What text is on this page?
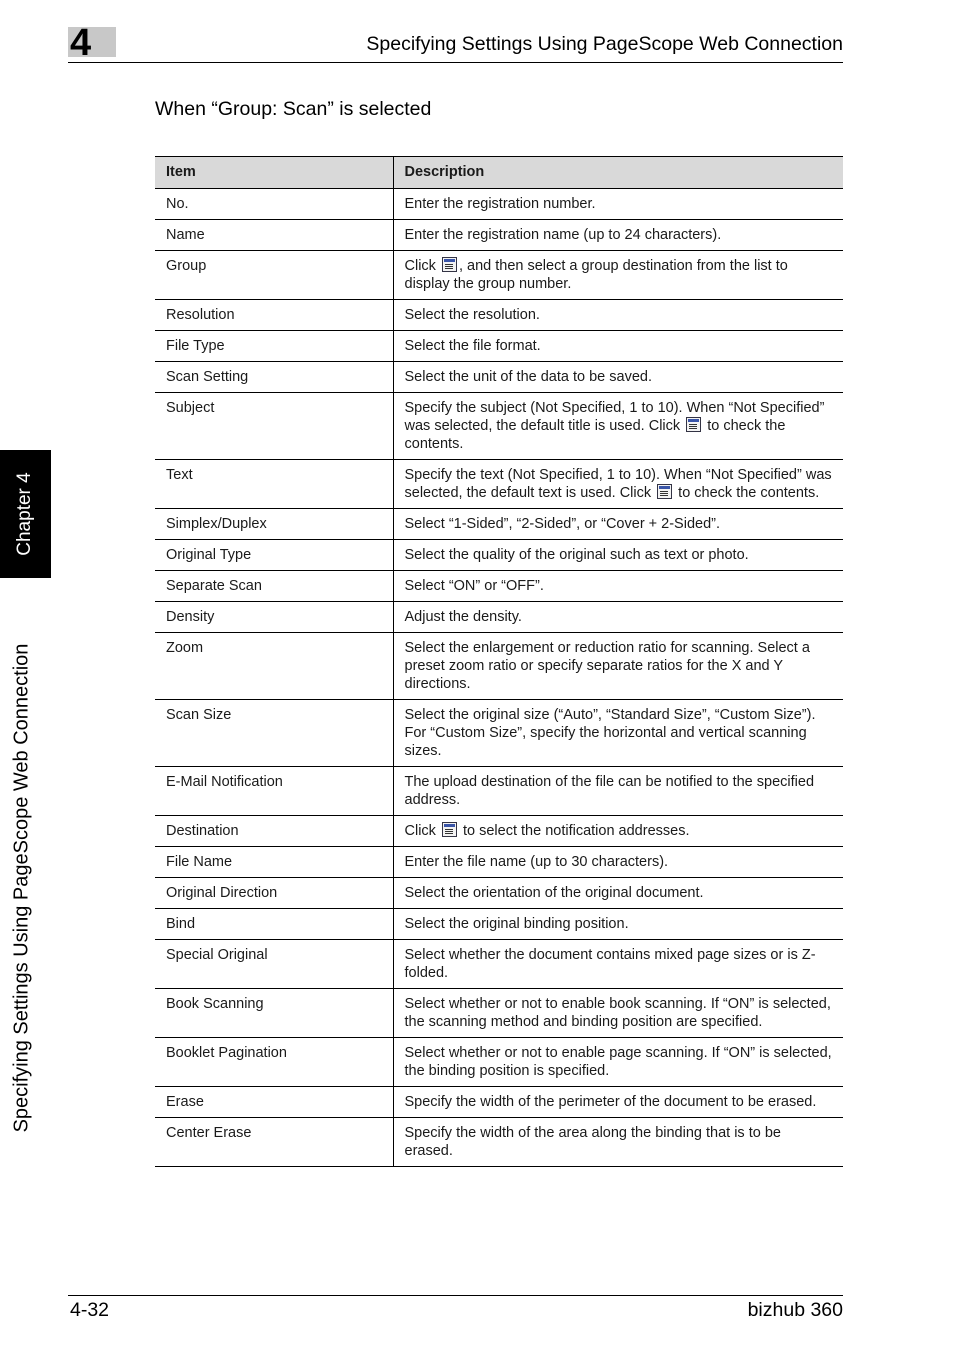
4	Specifying Settings Using PageScope Web Connection
Chapter 4
Specifying Settings Using PageScope Web Connection
When “Group: Scan” is selected
Item	Description
No.	Enter the registration number.
Name	Enter the registration name (up to 24 characters).
Group	Click , and then select a group destination from the list to display the group number.
Resolution	Select the resolution.
File Type	Select the file format.
Scan Setting	Select the unit of the data to be saved.
Subject	Specify the subject (Not Specified, 1 to 10). When “Not Specified” was selected, the default title is used. Click  to check the contents.
Text	Specify the text (Not Specified, 1 to 10). When “Not Specified” was selected, the default text is used. Click  to check the contents.
Simplex/Duplex	Select “1-Sided”, “2-Sided”, or “Cover + 2-Sided”.
Original Type	Select the quality of the original such as text or photo.
Separate Scan	Select “ON” or “OFF”.
Density	Adjust the density.
Zoom	Select the enlargement or reduction ratio for scanning. Select a preset zoom ratio or specify separate ratios for the X and Y directions.
Scan Size	Select the original size (“Auto”, “Standard Size”, “Custom Size”).
For “Custom Size”, specify the horizontal and vertical scanning sizes.
E-Mail Notification	The upload destination of the file can be notified to the specified address.
Destination	Click  to select the notification addresses.
File Name	Enter the file name (up to 30 characters).
Original Direction	Select the orientation of the original document.
Bind	Select the original binding position.
Special Original	Select whether the document contains mixed page sizes or is Z-folded.
Book Scanning	Select whether or not to enable book scanning. If “ON” is selected, the scanning method and binding position are specified.
Booklet Pagination	Select whether or not to enable page scanning. If “ON” is selected, the binding position is specified.
Erase	Specify the width of the perimeter of the document to be erased.
Center Erase	Specify the width of the area along the binding that is to be erased.
4-32	bizhub 360
